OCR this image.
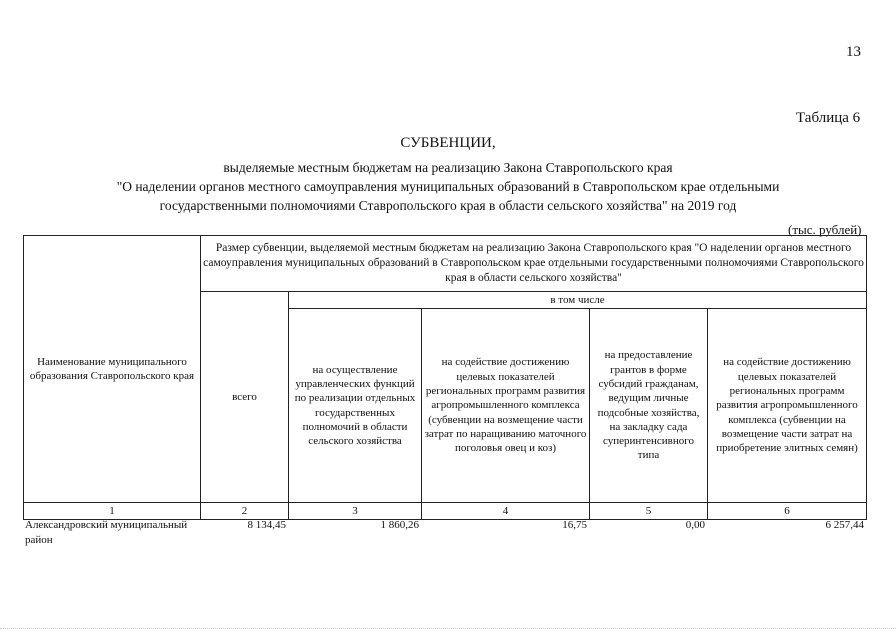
13
Таблица 6
СУБВЕНЦИИ,
выделяемые местным бюджетам на реализацию Закона Ставропольского края
"О наделении органов местного самоуправления муниципальных образований в Ставропольском крае отдельными
государственными полномочиями Ставропольского края в области сельского хозяйства" на 2019 год
(тыс. рублей)
Наименование муниципального образования Ставропольского края	Размер субвенции, выделяемой местным бюджетам на реализацию Закона Ставропольского края "О наделении органов местного самоуправления муниципальных образований в Ставропольском крае отдельными государственными полномочиями Ставропольского края в области сельского хозяйства"				
	всего	в том числе			
		на осуществление управленческих функций по реализации отдельных государственных полномочий в области сельского хозяйства	на содействие достижению целевых показателей региональных программ развития агропромышленного комплекса (субвенции на возмещение части затрат по наращиванию маточного поголовья овец и коз)	на предоставление грантов в форме субсидий гражданам, ведущим личные подсобные хозяйства, на закладку сада суперинтенсивного типа	на содействие достижению целевых показателей региональных программ развития агропромышленного комплекса (субвенции на возмещение части затрат на приобретение элитных семян)
1	2	3	4	5	6
Александровский муниципальный район	8 134,45	1 860,26	16,75	0,00	6 257,44
